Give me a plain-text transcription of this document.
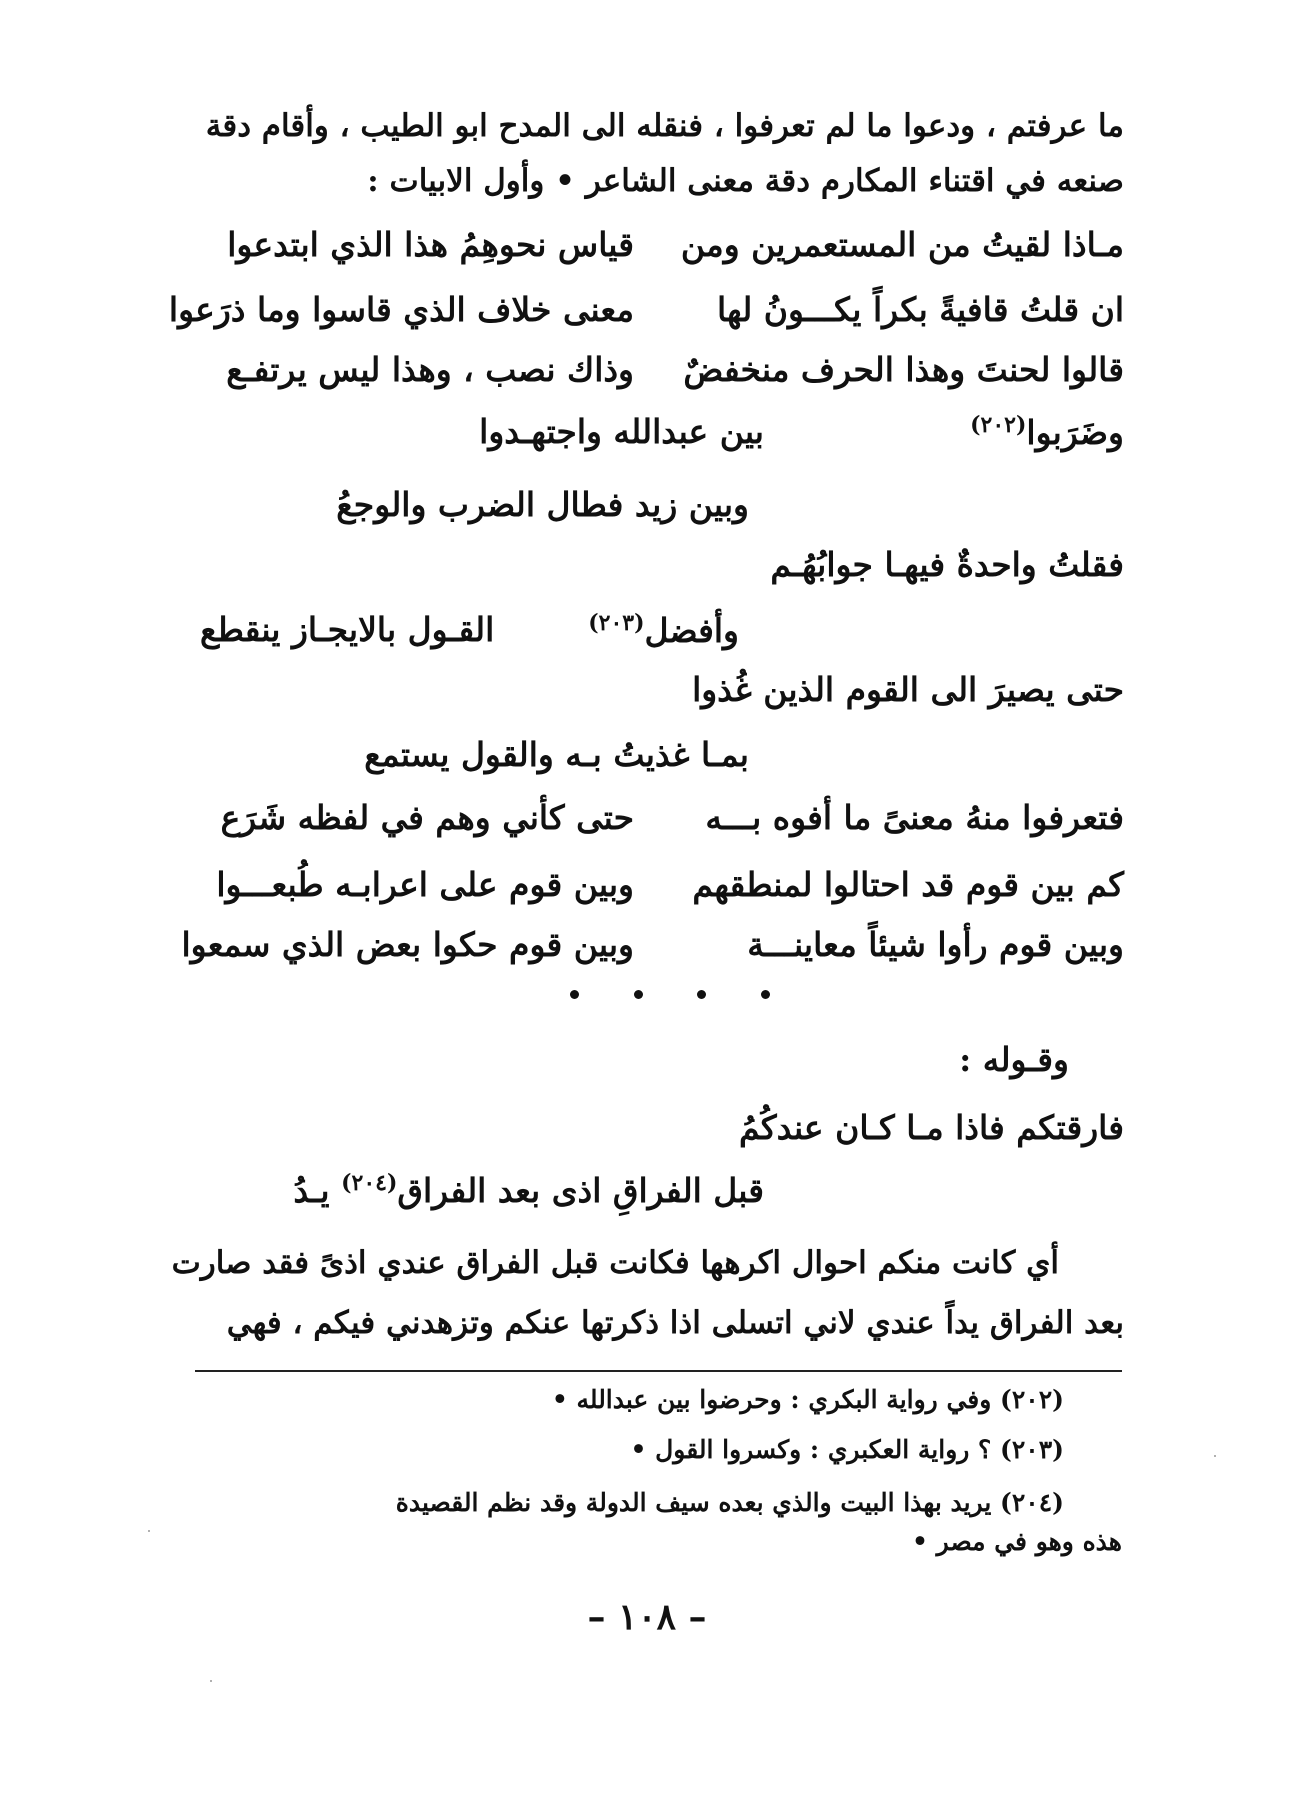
ما عرفتم ، ودعوا ما لم تعرفوا ، فنقله الى المدح ابو الطيب ، وأقام دقة
صنعه في اقتناء المكارم دقة معنى الشاعر • وأول الابيات :
مـاذا لقيتُ من المستعمرين ومن
قياس نحوهِمُ هذا الذي ابتدعوا
ان قلتُ قافيةً بكراً يكـــونُ لها
معنى خلاف الذي قاسوا وما ذرَعوا
قالوا لحنتَ وهذا الحرف منخفضٌ
وذاك نصب ، وهذا ليس يرتفـع
وضَرَبوا$^{(٢٠٢)}$
بين عبدالله واجتهـدوا
وبين زيد فطال الضرب والوجعُ
فقلتُ واحدةٌ فيهـا جوابُهُـم
وأفضل$^{(٢٠٣)}$
القـول بالايجـاز ينقطع
حتى يصيرَ الى القوم الذين غُذوا
بمـا غذيتُ بـه والقول يستمع
فتعرفوا منهُ معنىً ما أفوه بـــه
حتى كأني وهم في لفظه شَرَع
كم بين قوم قد احتالوا لمنطقهم
وبين قوم على اعرابـه طُبعـــوا
وبين قوم رأوا شيئاً معاينـــة
وبين قوم حكوا بعض الذي سمعوا
وقـوله :
فارقتكم فاذا مـا كـان عندكُمُ
قبل الفراقِ اذى بعد الفراق$^{(٢٠٤)}$ يـدُ
أي كانت منكم احوال اكرهها فكانت قبل الفراق عندي اذىً فقد صارت
بعد الفراق يداً عندي لاني اتسلى اذا ذكرتها عنكم وتزهدني فيكم ، فهي
(٢٠٢) وفي رواية البكري : وحرضوا بين عبدالله •
(٢٠٣) ؟ رواية العكبري : وكسروا القول •
(٢٠٤) يريد بهذا البيت والذي بعده سيف الدولة وقد نظم القصيدة
هذه وهو في مصر •
– ١٠٨ –
